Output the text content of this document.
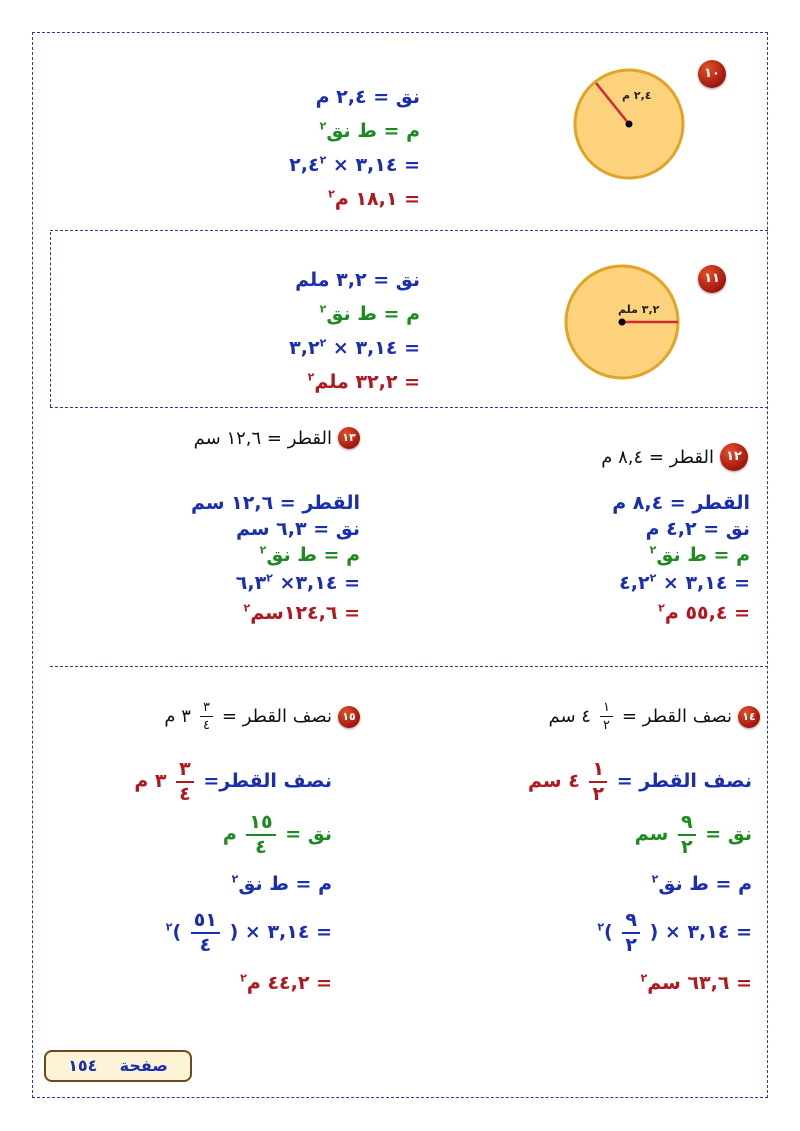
٢,٤ م
١٠
نق = ٢,٤ م
م = ط نق$^٢$
= ٣,١٤ × $٢,٤^٢$
= ١٨,١ م$^٢$
٣,٢ ملم
١١
نق = ٣,٢ ملم
م = ط نق$^٢$
= ٣,١٤ × $٣,٢^٢$
= ٣٢,٢ ملم$^٢$
١٢
القطر = ٨,٤ م
القطر = ٨,٤ م
نق = ٤,٢ م
م = ط نق$^٢$
= ٣,١٤ × $٤,٢^٢$
= ٥٥,٤ م$^٢$
١٣
القطر = ١٢,٦ سم
القطر = ١٢,٦ سم
نق = ٦,٣ سم
م = ط نق$^٢$
= ٣,١٤× $٦,٣^٢$
= ١٢٤,٦سم$^٢$
١٤
نصف القطر =
$\frac{١}{٢}$
٤ سم
نصف القطر =
$\frac{١}{٢}$
٤ سم
نق =
$\frac{٩}{٢}$
سم
م = ط نق$^٢$
= ٣,١٤ × (
$\frac{٩}{٢}$
)$^٢$
= ٦٣,٦ سم$^٢$
١٥
نصف القطر =
$\frac{٣}{٤}$
٣ م
نصف القطر=
$\frac{٣}{٤}$
٣ م
نق =
$\frac{١٥}{٤}$
م
م = ط نق$^٢$
= ٣,١٤ × (
$\frac{٥١}{٤}$
)$^٢$
= ٤٤,٢ م$^٢$
صفحة    ١٥٤
